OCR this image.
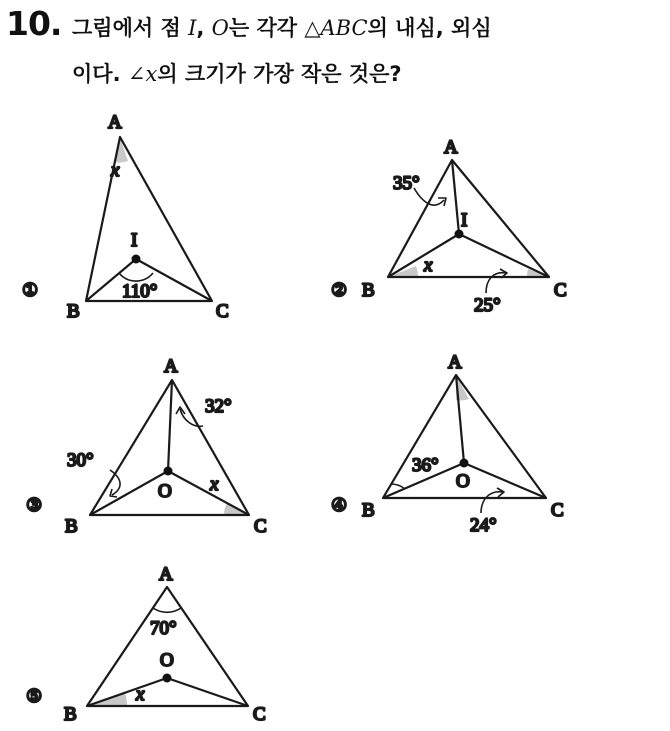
10. 그림에서 점 I, O는 각각 △ABC의 내심, 외심
이다. ∠x의 크기가 가장 작은 것은?
①
A
B	C
I
x
110°	②
A
B	C
I
x
35°
25°
③
A
B	C
O x
32°
30°
④
A
B	C
O
36°
24°
⑤
A
B	C
O
x
70°
